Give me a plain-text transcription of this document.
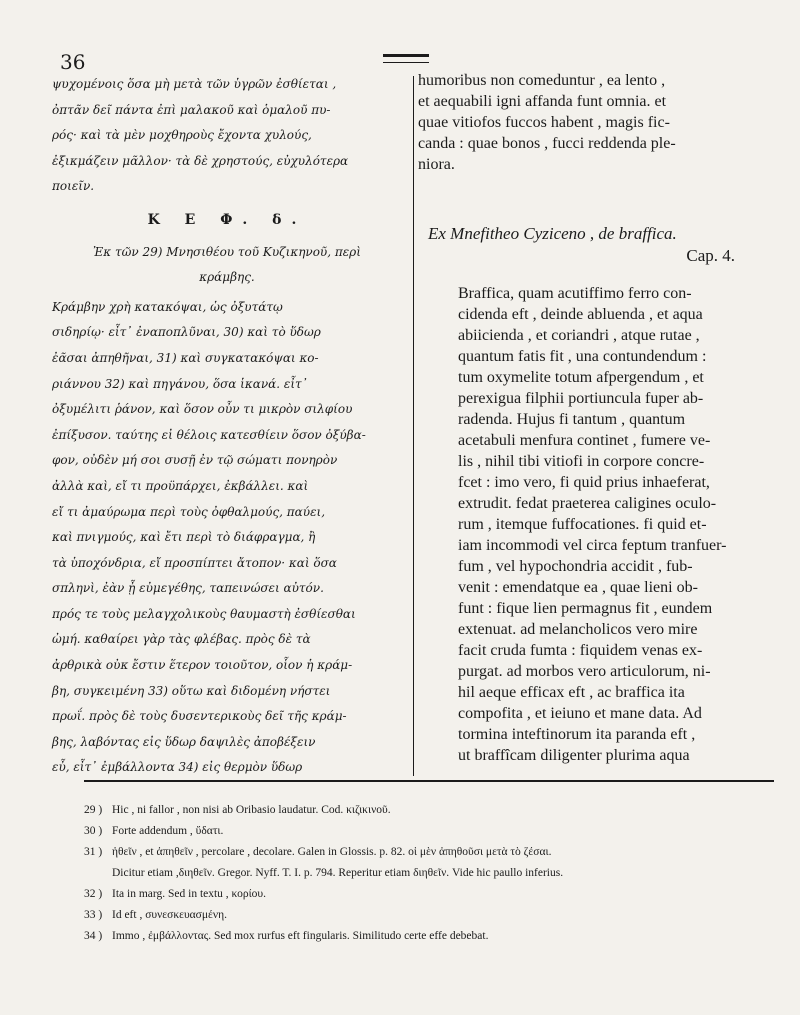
36
ψυχομένοις ὅσα μὴ μετὰ τῶν ὑγρῶν ἐσθίεται ,
ὀπτᾶν δεῖ πάντα ἐπὶ μαλακοῦ καὶ ὁμαλοῦ πυ-
ρός· καὶ τὰ μὲν μοχθηροὺς ἔχοντα χυλούς,
ἐξικμάζειν μᾶλλον· τὰ δὲ χρηστούς, εὐχυλότερα
ποιεῖν.
Κ Ε Φ. δ.
Ἐκ τῶν 29) Μνησιθέου τοῦ Κυζικηνοῦ, περὶ
κράμβης.
Κράμβην χρὴ κατακόψαι, ὡς ὀξυτάτῳ
σιδηρίῳ· εἶτ᾽ ἐναποπλῦναι, 30) καὶ τὸ ὕδωρ
ἐᾶσαι ἀπηθῆναι, 31) καὶ συγκατακόψαι κο-
ριάννου 32) καὶ πηγάνου, ὅσα ἱκανά. εἶτ᾽
ὀξυμέλιτι ῥάνον, καὶ ὅσον οὖν τι μικρὸν σιλφίου
ἐπίξυσον. ταύτης εἰ θέλοις κατεσθίειν ὅσον ὀξύβα-
φον, οὐδὲν μή σοι συσῇ ἐν τῷ σώματι πονηρὸν
ἀλλὰ καὶ, εἴ τι προϋπάρχει, ἐκβάλλει. καὶ
εἴ τι ἀμαύρωμα περὶ τοὺς ὀφθαλμούς, παύει,
καὶ πνιγμούς, καὶ ἔτι περὶ τὸ διάφραγμα, ἢ
τὰ ὑποχόνδρια, εἴ προσπίπτει ἄτοπον· καὶ ὅσα
σπληνὶ, ἐὰν ᾖ εὐμεγέθης, ταπεινώσει αὐτόν.
πρός τε τοὺς μελαγχολικοὺς θαυμαστὴ ἐσθίεσθαι
ὠμή. καθαίρει γὰρ τὰς φλέβας. πρὸς δὲ τὰ
ἀρθρικὰ οὐκ ἔστιν ἕτερον τοιοῦτον, οἷον ἡ κράμ-
βη, συγκειμένη 33) οὕτω καὶ διδομένη νήστει
πρωΐ. πρὸς δὲ τοὺς δυσεντερικοὺς δεῖ τῆς κράμ-
βης, λαβόντας εἰς ὕδωρ δαψιλὲς ἀποβέξειν
εὖ, εἶτ᾽ ἐμβάλλοντα 34) εἰς θερμὸν ὕδωρ
humoribus non comeduntur , ea lento ,
et aequabili igni affanda funt omnia. et
quae vitiofos fuccos habent , magis fic-
canda : quae bonos , fucci reddenda ple-
niora.
Ex Mnefitheo Cyziceno , de braffica.
Cap. 4.
Braffica, quam acutiffimo ferro con-
cidenda eft , deinde abluenda , et aqua
abiicienda , et coriandri , atque rutae ,
quantum fatis fit , una contundendum :
tum oxymelite totum afpergendum , et
perexigua filphii portiuncula fuper ab-
radenda. Hujus fi tantum , quantum
acetabuli menfura continet , fumere ve-
lis , nihil tibi vitiofi in corpore concre-
fcet : imo vero, fi quid prius inhaeferat,
extrudit. fedat praeterea caligines oculo-
rum , itemque fuffocationes. fi quid et-
iam incommodi vel circa feptum tranfuer-
fum , vel hypochondria accidit , fub-
venit : emendatque ea , quae lieni ob-
funt : fique lien permagnus fit , eundem
extenuat. ad melancholicos vero mire
facit cruda fumta : fiquidem venas ex-
purgat. ad morbos vero articulorum, ni-
hil aeque efficax eft , ac braffica ita
compofita , et ieiuno et mane data. Ad
tormina inteftinorum ita paranda eft ,
ut braffîcam diligenter plurima aqua
29 ) Hic , ni fallor , non nisi ab Oribasio laudatur. Cod. κιζικινοῦ.
30 ) Forte addendum , ὕδατι.
31 ) ἠθεῖν , et ἀπηθεῖν , percolare , decolare. Galen in Glossis. p. 82. οἱ μὲν ἀπηθοῦσι μετὰ τὸ ζέσαι.
Dicitur etiam ,διηθεῖν. Gregor. Nyff. T. I. p. 794. Reperitur etiam διηθεῖν. Vide hic paullo inferius.
32 ) Ita in marg. Sed in textu , κορίου.
33 ) Id eft , συνεσκευασμένη.
34 ) Immo , ἐμβάλλοντας. Sed mox rurfus eft fingularis. Similitudo certe effe debebat.
